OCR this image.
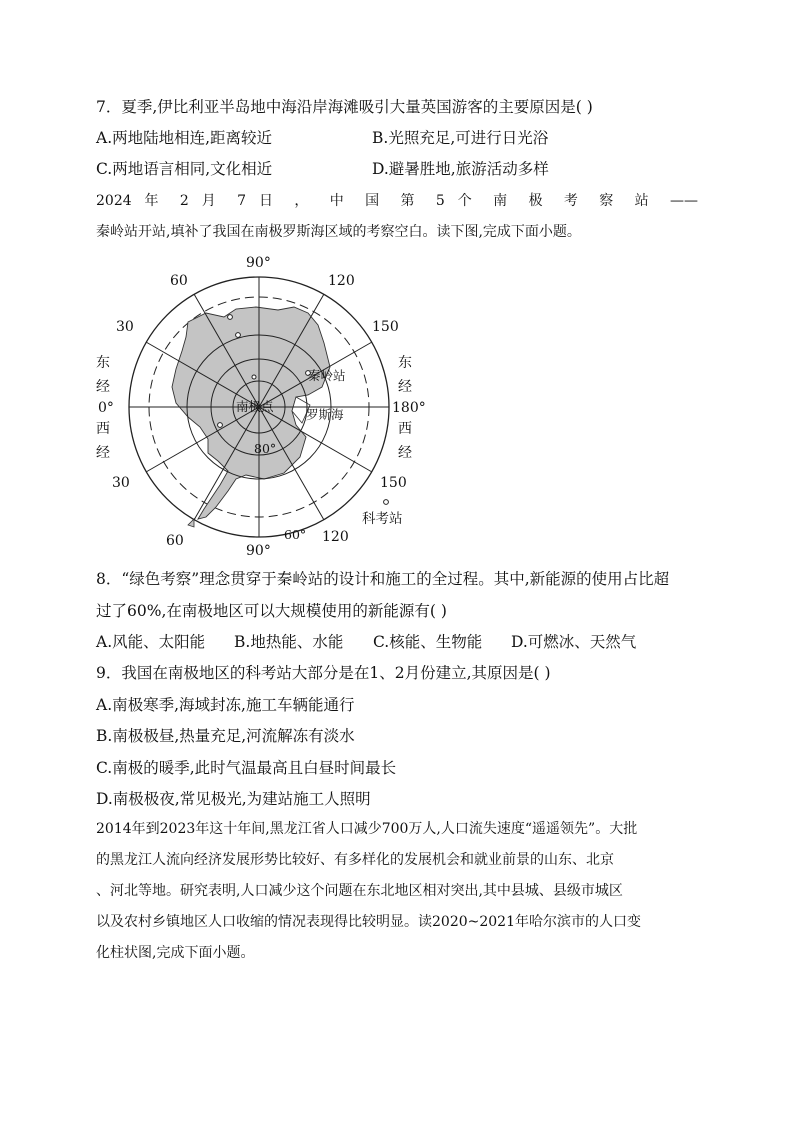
7．夏季,伊比利亚半岛地中海沿岸海滩吸引大量英国游客的主要原因是( )
A.两地陆地相连,距离较近	B.光照充足,可进行日光浴
C.两地语言相同,文化相近	D.避暑胜地,旅游活动多样
2024 年 2 月 7 日 ， 中 国 第 5 个 南 极 考 察 站 ——
秦岭站开站,填补了我国在南极罗斯海区域的考察空白。读下图,完成下面小题。
90°
90°
60	120
30	150
东
经
东
经
0°	180°
西
经
西
经
30	150
60	120
60°
80°
南极点
秦岭站
罗斯海
科考站
8．“绿色考察”理念贯穿于秦岭站的设计和施工的全过程。其中,新能源的使用占比超
过了60%,在南极地区可以大规模使用的新能源有( )
A.风能、太阳能 B.地热能、水能 C.核能、生物能 D.可燃冰、天然气
9．我国在南极地区的科考站大部分是在1、2月份建立,其原因是( )
A.南极寒季,海域封冻,施工车辆能通行
B.南极极昼,热量充足,河流解冻有淡水
C.南极的暖季,此时气温最高且白昼时间最长
D.南极极夜,常见极光,为建站施工人照明
2014年到2023年这十年间,黑龙江省人口减少700万人,人口流失速度“遥遥领先”。大批
的黑龙江人流向经济发展形势比较好、有多样化的发展机会和就业前景的山东、北京
、河北等地。研究表明,人口减少这个问题在东北地区相对突出,其中县城、县级市城区
以及农村乡镇地区人口收缩的情况表现得比较明显。读2020~2021年哈尔滨市的人口变
化柱状图,完成下面小题。
